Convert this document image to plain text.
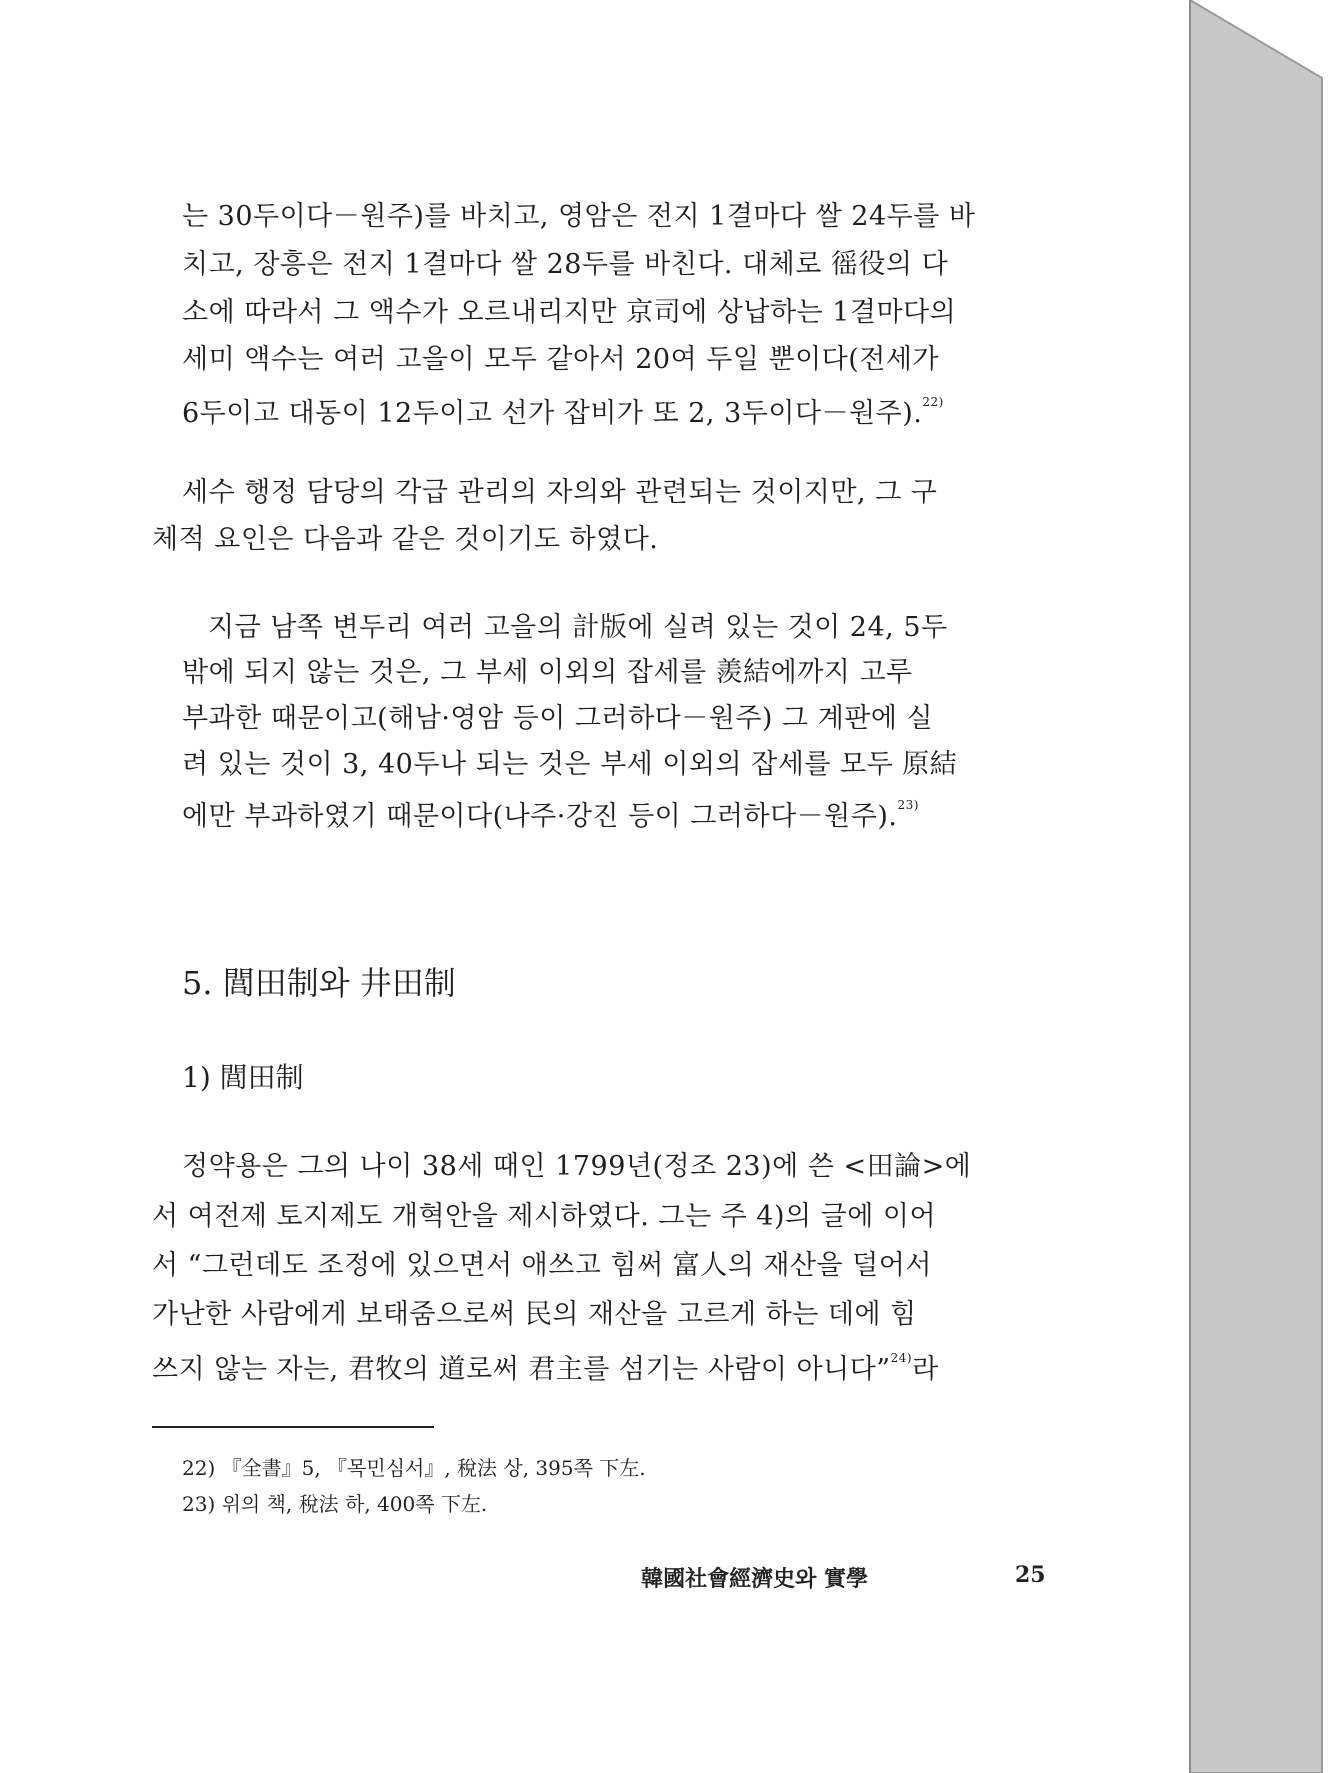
는 30두이다－원주)를 바치고, 영암은 전지 1결마다 쌀 24두를 바
치고, 장흥은 전지 1결마다 쌀 28두를 바친다. 대체로 徭役의 다
소에 따라서 그 액수가 오르내리지만 京司에 상납하는 1결마다의
세미 액수는 여러 고을이 모두 같아서 20여 두일 뿐이다(전세가
6두이고 대동이 12두이고 선가 잡비가 또 2, 3두이다－원주).$^{22)}$
세수 행정 담당의 각급 관리의 자의와 관련되는 것이지만, 그 구
체적 요인은 다음과 같은 것이기도 하였다.
지금 남쪽 변두리 여러 고을의 計版에 실려 있는 것이 24, 5두
밖에 되지 않는 것은, 그 부세 이외의 잡세를 羨結에까지 고루
부과한 때문이고(해남·영암 등이 그러하다－원주) 그 계판에 실
려 있는 것이 3, 40두나 되는 것은 부세 이외의 잡세를 모두 原結
에만 부과하였기 때문이다(나주·강진 등이 그러하다－원주).$^{23)}$
5. 閭田制와 井田制
1) 閭田制
정약용은 그의 나이 38세 때인 1799년(정조 23)에 쓴 <田論>에
서 여전제 토지제도 개혁안을 제시하였다. 그는 주 4)의 글에 이어
서 “그런데도 조정에 있으면서 애쓰고 힘써 富人의 재산을 덜어서
가난한 사람에게 보태줌으로써 民의 재산을 고르게 하는 데에 힘
쓰지 않는 자는, 君牧의 道로써 君主를 섬기는 사람이 아니다”$^{24)}$라
22) 『全書』5, 『목민심서』, 稅法 상, 395쪽 下左.
23) 위의 책, 稅法 하, 400쪽 下左.
韓國社會經濟史와 實學	25
